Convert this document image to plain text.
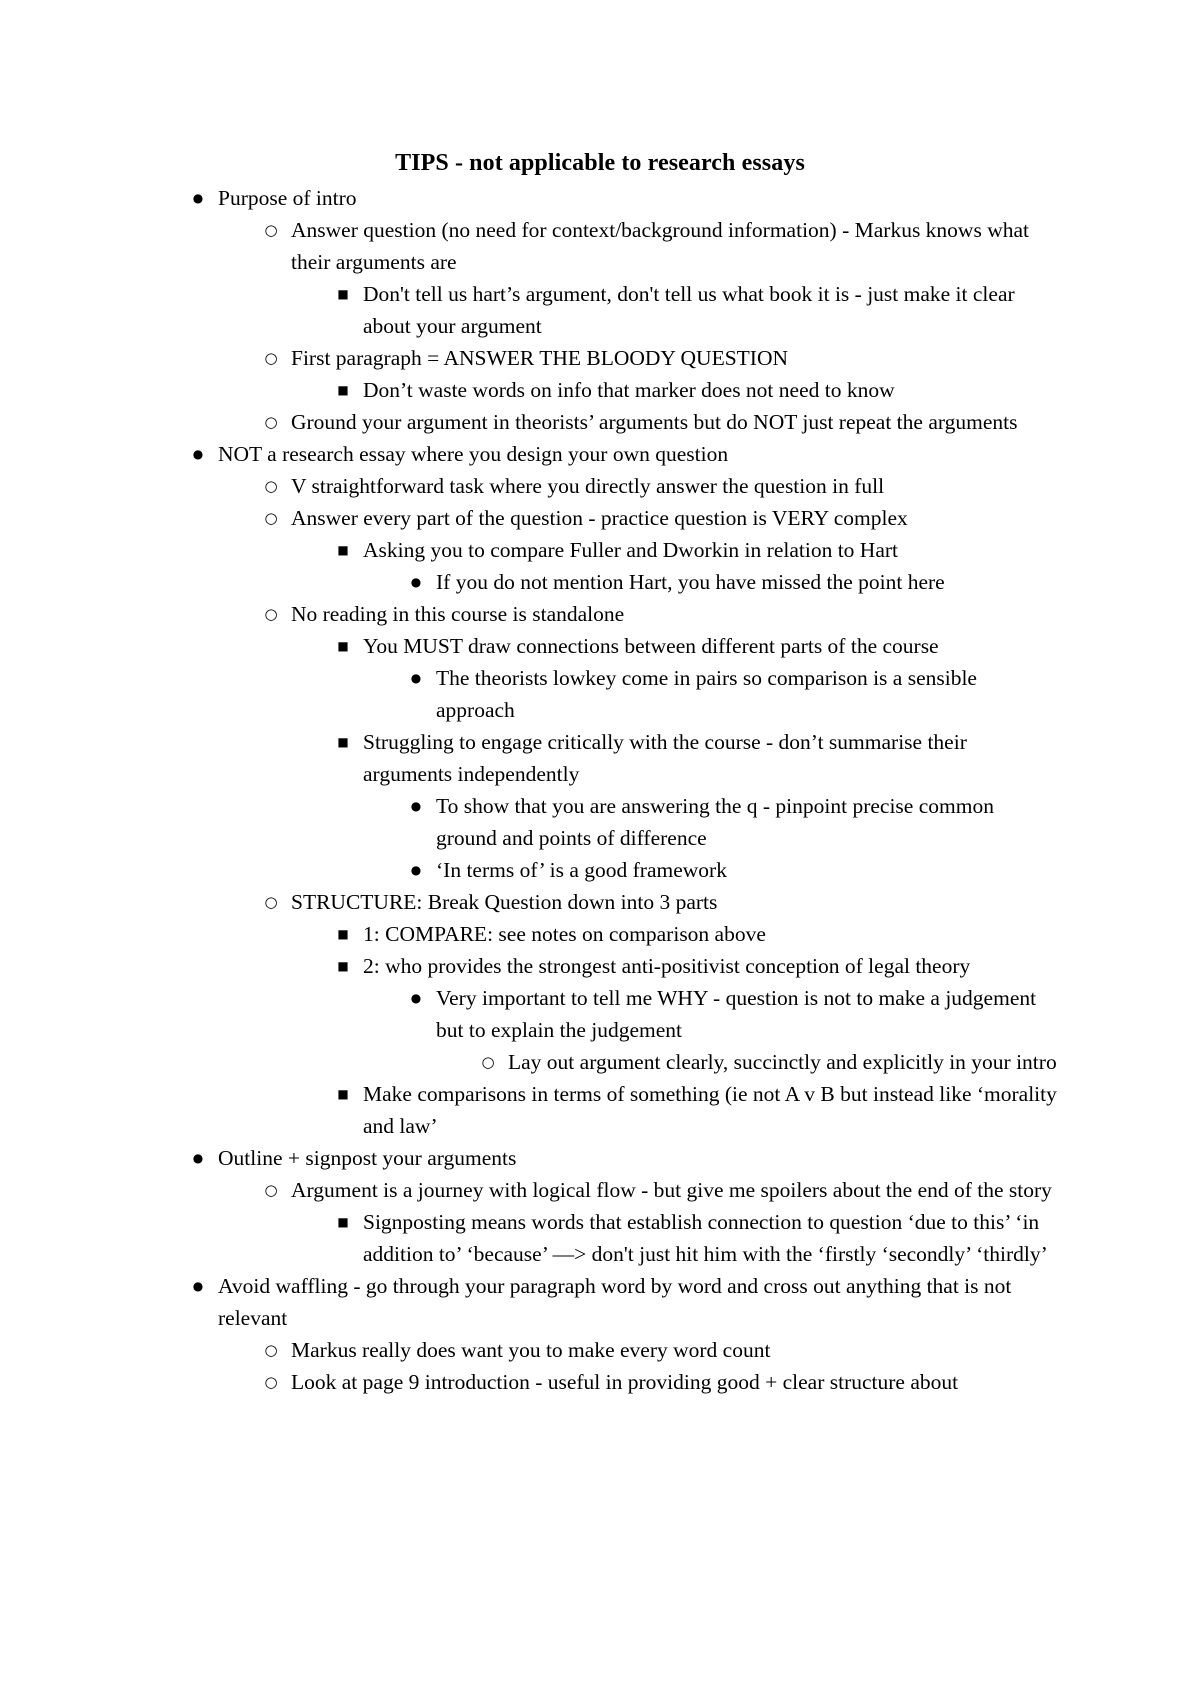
TIPS - not applicable to research essays
● Purpose of intro
○ Answer question (no need for context/background information) - Markus knows what their arguments are
■ Don't tell us hart’s argument, don't tell us what book it is - just make it clear about your argument
○ First paragraph = ANSWER THE BLOODY QUESTION
■ Don’t waste words on info that marker does not need to know
○ Ground your argument in theorists’ arguments but do NOT just repeat the arguments
● NOT a research essay where you design your own question
○ V straightforward task where you directly answer the question in full
○ Answer every part of the question - practice question is VERY complex
■ Asking you to compare Fuller and Dworkin in relation to Hart
● If you do not mention Hart, you have missed the point here
○ No reading in this course is standalone
■ You MUST draw connections between different parts of the course
● The theorists lowkey come in pairs so comparison is a sensible approach
■ Struggling to engage critically with the course - don’t summarise their arguments independently
● To show that you are answering the q - pinpoint precise common ground and points of difference
● ‘In terms of’ is a good framework
○ STRUCTURE: Break Question down into 3 parts
■ 1: COMPARE: see notes on comparison above
■ 2: who provides the strongest anti-positivist conception of legal theory
● Very important to tell me WHY - question is not to make a judgement but to explain the judgement
○ Lay out argument clearly, succinctly and explicitly in your intro
■ Make comparisons in terms of something (ie not A v B but instead like ‘morality and law’
● Outline + signpost your arguments
○ Argument is a journey with logical flow - but give me spoilers about the end of the story
■ Signposting means words that establish connection to question ‘due to this’ ‘in addition to’ ‘because’ —> don't just hit him with the ‘firstly ‘secondly’ ‘thirdly’
● Avoid waffling - go through your paragraph word by word and cross out anything that is not relevant
○ Markus really does want you to make every word count
○ Look at page 9 introduction - useful in providing good + clear structure about
